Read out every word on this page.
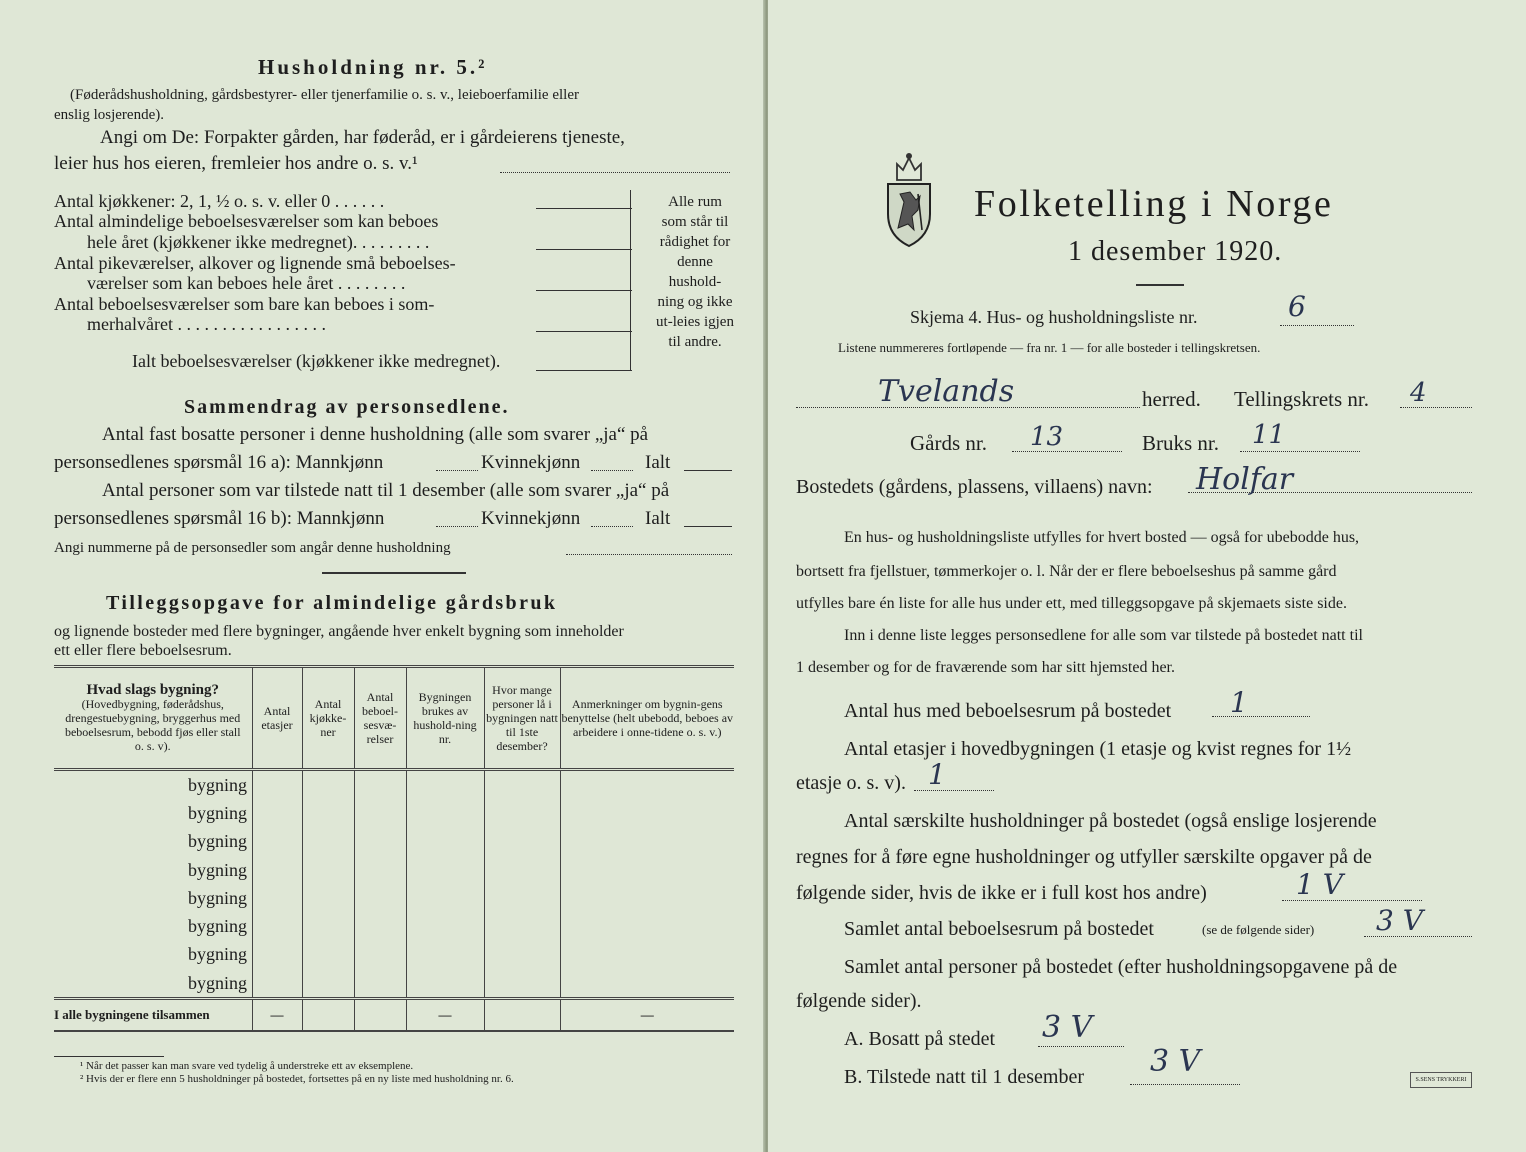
Husholdning nr. 5.²
(Føderådshusholdning, gårdsbestyrer- eller tjenerfamilie o. s. v., leieboerfamilie eller
enslig losjerende).
Angi om De: Forpakter gården, har føderåd, er i gårdeierens tjeneste,
leier hus hos eieren, fremleier hos andre o. s. v.¹
Antal kjøkkener: 2, 1, ½ o. s. v. eller 0 . . . . . .
Antal almindelige beboelsesværelser som kan beboes
hele året (kjøkkener ikke medregnet). . . . . . . . .
Antal pikeværelser, alkover og lignende små beboelses-
værelser som kan beboes hele året . . . . . . . .
Antal beboelsesværelser som bare kan beboes i som-
merhalvåret . . . . . . . . . . . . . . . . .
Ialt beboelsesværelser (kjøkkener ikke medregnet).
Alle rum som står til rådighet for denne hushold-ning og ikke ut-leies igjen til andre.
Sammendrag av personsedlene.
Antal fast bosatte personer i denne husholdning (alle som svarer „ja“ på
personsedlenes spørsmål 16 a): Mannkjønn	Kvinnekjønn	Ialt
Antal personer som var tilstede natt til 1 desember (alle som svarer „ja“ på
personsedlenes spørsmål 16 b): Mannkjønn	Kvinnekjønn	Ialt
Angi nummerne på de personsedler som angår denne husholdning
Tilleggsopgave for almindelige gårdsbruk
og lignende bosteder med flere bygninger, angående hver enkelt bygning som inneholder
ett eller flere beboelsesrum.
Hvad slags bygning?
(Hovedbygning, føderådshus, drengestuebygning, bryggerhus med beboelsesrum, bebodd fjøs eller stall o. s. v).	Antal etasjer	Antal kjøkke-ner	Antal beboel-sesvæ-relser	Bygningen brukes av hushold-ning nr.	Hvor mange personer lå i bygningen natt til 1ste desember?	Anmerkninger om bygnin-gens benyttelse (helt ubebodd, beboes av arbeidere i onne-tidene o. s. v.)
bygning						
bygning						
bygning						
bygning						
bygning						
bygning						
bygning						
bygning						
I alle bygningene tilsammen	—			—		—
¹ Når det passer kan man svare ved tydelig å understreke ett av eksemplene.
² Hvis der er flere enn 5 husholdninger på bostedet, fortsettes på en ny liste med husholdning nr. 6.
Folketelling i Norge
1 desember 1920.
Skjema 4. Hus- og husholdningsliste nr.	6
Listene nummereres fortløpende — fra nr. 1 — for alle bosteder i tellingskretsen.
Tvelands	herred. Tellingskrets nr. 4
Gårds nr. 13	Bruks nr. 11
Bostedets (gårdens, plassens, villaens) navn: Holfar
En hus- og husholdningsliste utfylles for hvert bosted — også for ubebodde hus,
bortsett fra fjellstuer, tømmerkojer o. l. Når der er flere beboelseshus på samme gård
utfylles bare én liste for alle hus under ett, med tilleggsopgave på skjemaets siste side.
Inn i denne liste legges personsedlene for alle som var tilstede på bostedet natt til
1 desember og for de fraværende som har sitt hjemsted her.
Antal hus med beboelsesrum på bostedet 1
Antal etasjer i hovedbygningen (1 etasje og kvist regnes for 1½
etasje o. s. v). 1
Antal særskilte husholdninger på bostedet (også enslige losjerende
regnes for å føre egne husholdninger og utfyller særskilte opgaver på de
følgende sider, hvis de ikke er i full kost hos andre)	1 V
Samlet antal beboelsesrum på bostedet	(se de følgende sider) 3 V
Samlet antal personer på bostedet (efter husholdningsopgavene på de
følgende sider).
A. Bosatt på stedet 3 V
B. Tilstede natt til 1 desember 3 V
S.SENS TRYKKERI
